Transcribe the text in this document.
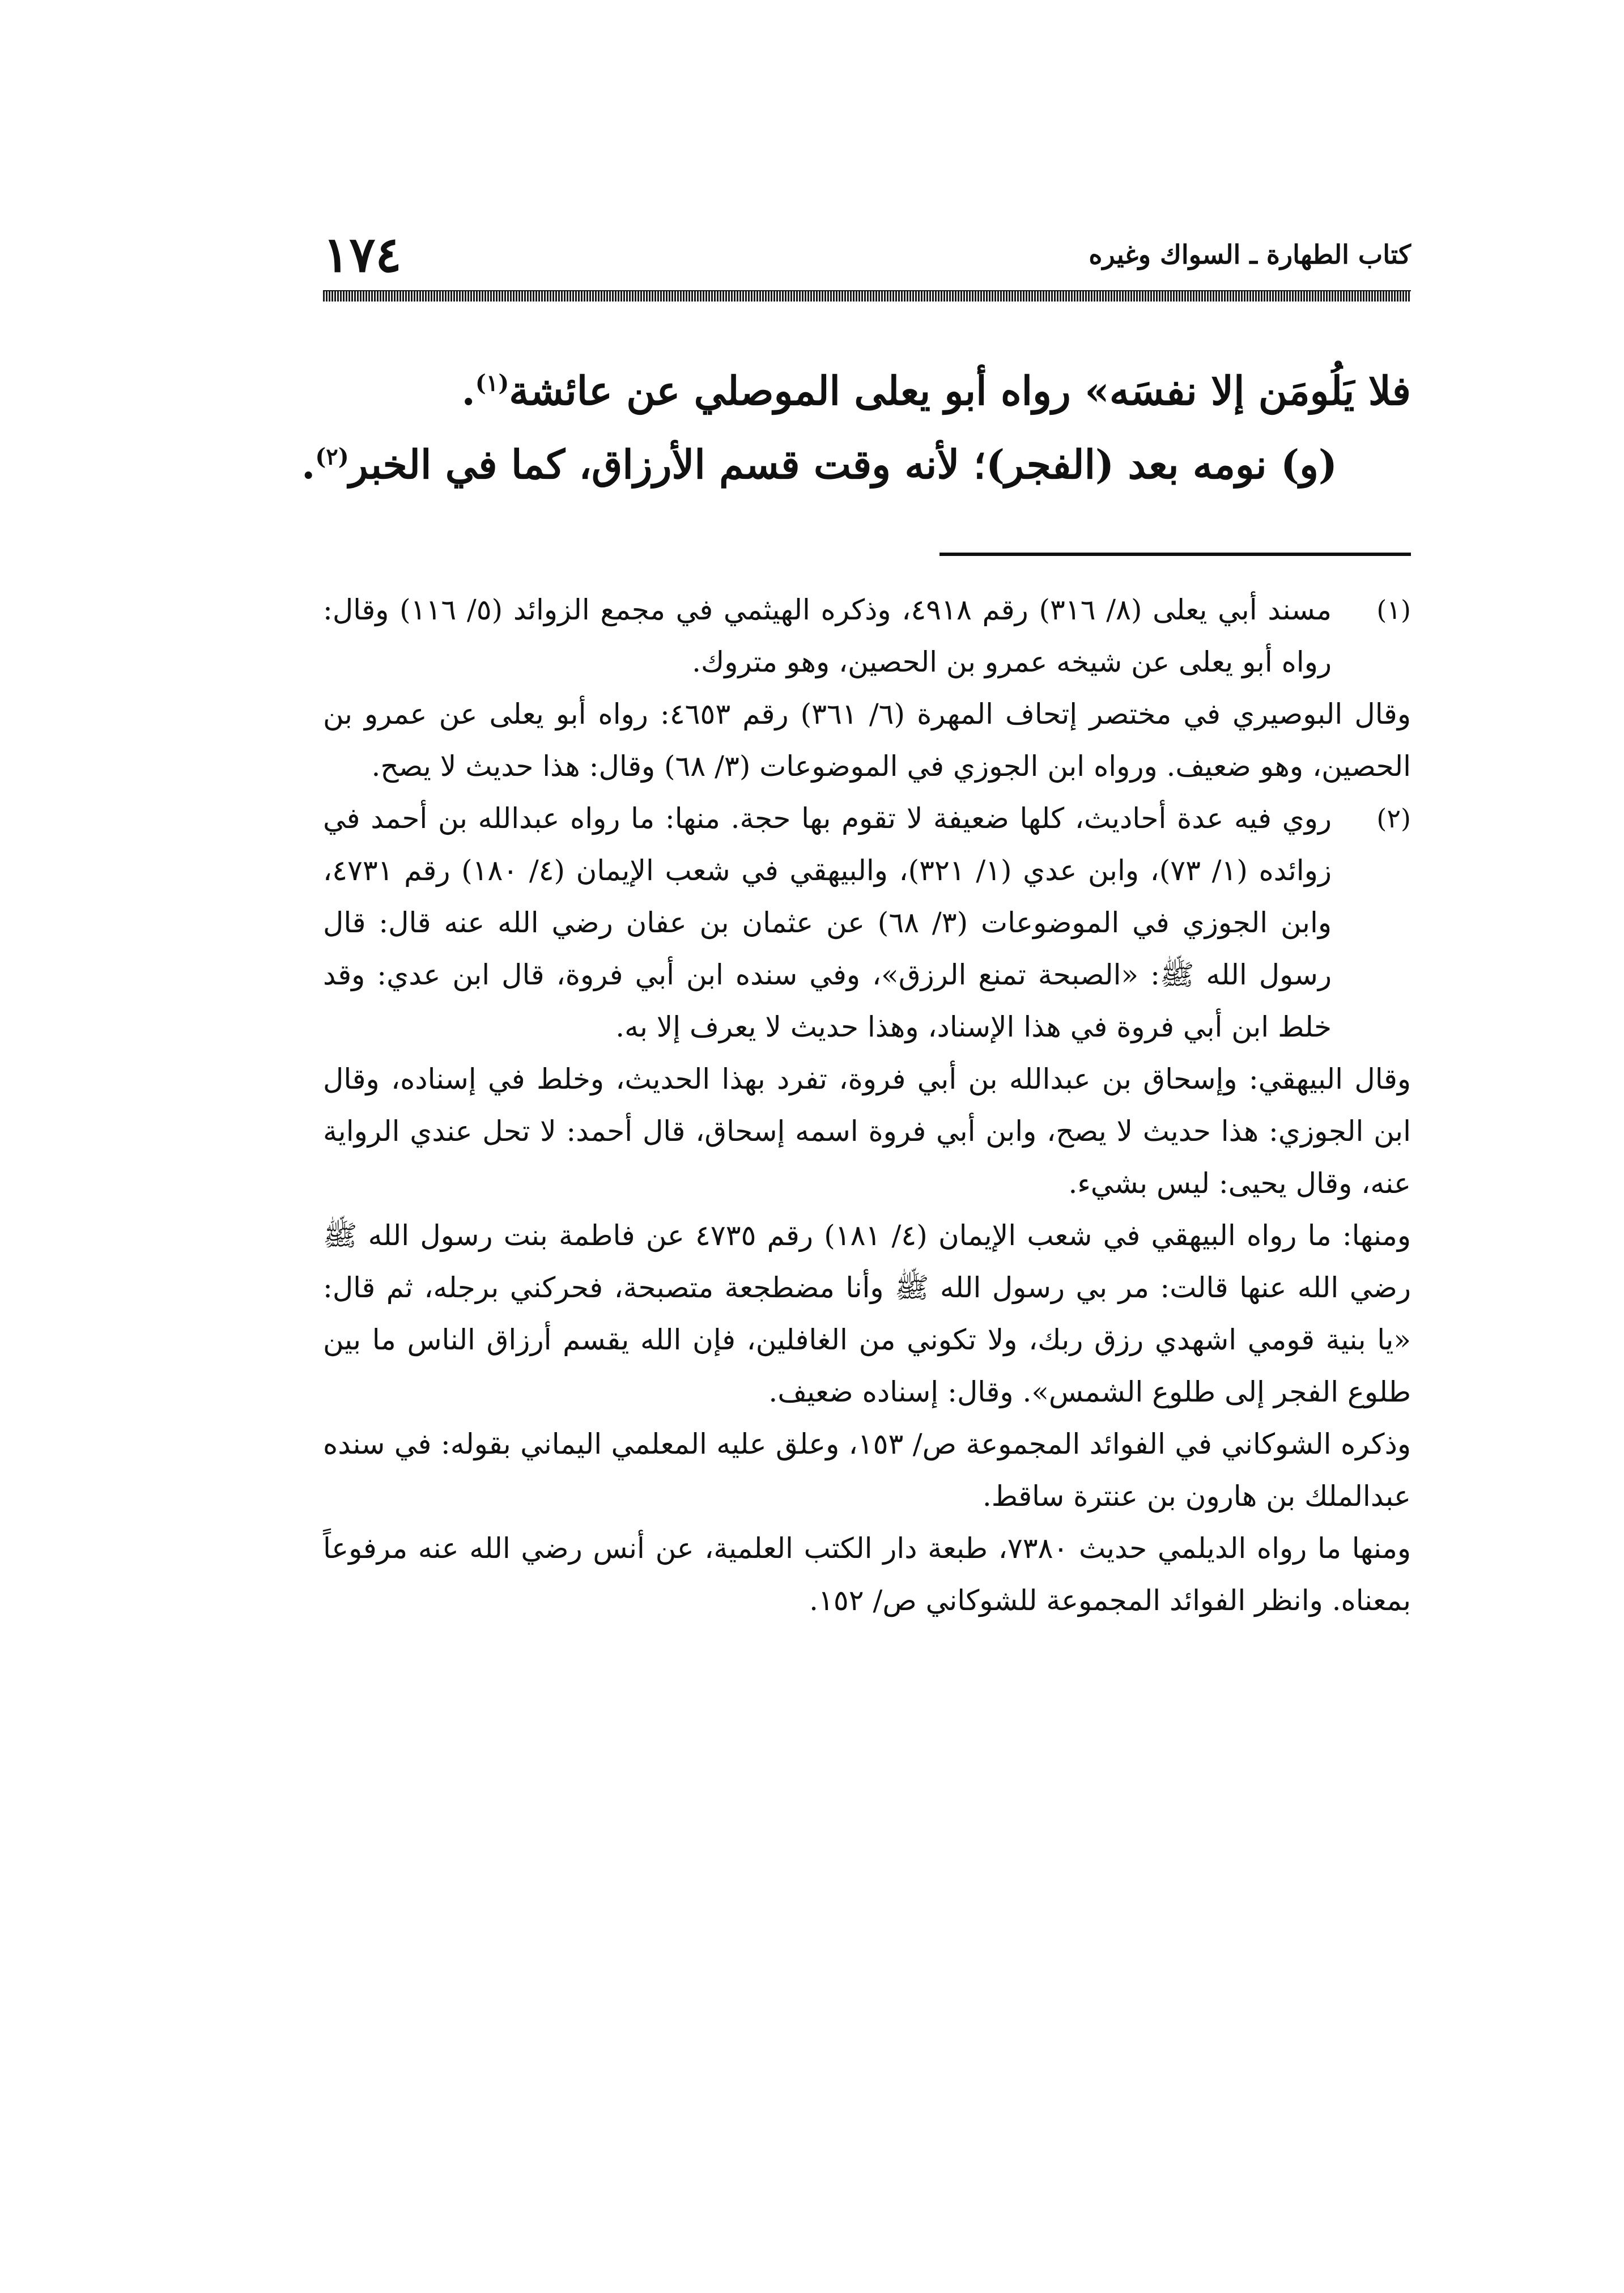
١٧٤	كتاب الطهارة ـ السواك وغيره

فلا يَلُومَن إلا نفسَه» رواه أبو يعلى الموصلي عن عائشة$^{(١)}$.

(و) نومه بعد (الفجر)؛ لأنه وقت قسم الأرزاق، كما في الخبر$^{(٢)}$.

(١)

مسند أبي يعلى (٨/ ٣١٦) رقم ٤٩١٨، وذكره الهيثمي في مجمع الزوائد (٥/ ١١٦) وقال: رواه أبو يعلى عن شيخه عمرو بن الحصين، وهو متروك.

وقال البوصيري في مختصر إتحاف المهرة (٦/ ٣٦١) رقم ٤٦٥٣: رواه أبو يعلى عن عمرو بن الحصين، وهو ضعيف. ورواه ابن الجوزي في الموضوعات (٣/ ٦٨) وقال: هذا حديث لا يصح.

(٢)

روي فيه عدة أحاديث، كلها ضعيفة لا تقوم بها حجة. منها: ما رواه عبدالله بن أحمد في زوائده (١/ ٧٣)، وابن عدي (١/ ٣٢١)، والبيهقي في شعب الإيمان (٤/ ١٨٠) رقم ٤٧٣١، وابن الجوزي في الموضوعات (٣/ ٦٨) عن عثمان بن عفان رضي الله عنه قال: قال رسول الله ﷺ: «الصبحة تمنع الرزق»، وفي سنده ابن أبي فروة، قال ابن عدي: وقد خلط ابن أبي فروة في هذا الإسناد، وهذا حديث لا يعرف إلا به.

وقال البيهقي: وإسحاق بن عبدالله بن أبي فروة، تفرد بهذا الحديث، وخلط في إسناده، وقال ابن الجوزي: هذا حديث لا يصح، وابن أبي فروة اسمه إسحاق، قال أحمد: لا تحل عندي الرواية عنه، وقال يحيى: ليس بشيء.

ومنها: ما رواه البيهقي في شعب الإيمان (٤/ ١٨١) رقم ٤٧٣٥ عن فاطمة بنت رسول الله ﷺ رضي الله عنها قالت: مر بي رسول الله ﷺ وأنا مضطجعة متصبحة، فحركني برجله، ثم قال: «يا بنية قومي اشهدي رزق ربك، ولا تكوني من الغافلين، فإن الله يقسم أرزاق الناس ما بين طلوع الفجر إلى طلوع الشمس». وقال: إسناده ضعيف.

وذكره الشوكاني في الفوائد المجموعة ص/ ١٥٣، وعلق عليه المعلمي اليماني بقوله: في سنده عبدالملك بن هارون بن عنترة ساقط.

ومنها ما رواه الديلمي حديث ٧٣٨٠، طبعة دار الكتب العلمية، عن أنس رضي الله عنه مرفوعاً بمعناه. وانظر الفوائد المجموعة للشوكاني ص/ ١٥٢.
